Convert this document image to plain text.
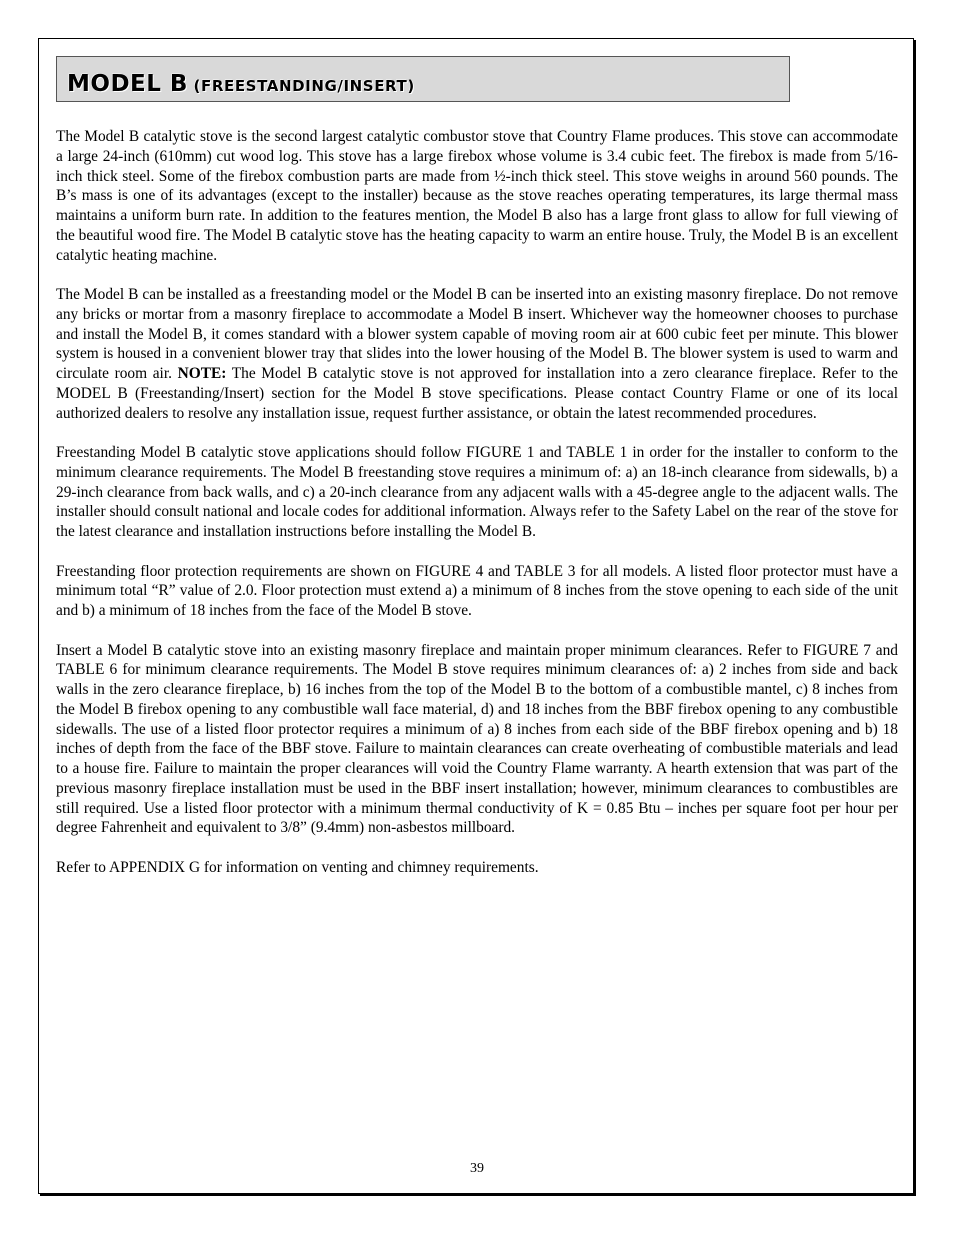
MODEL B (FREESTANDING/INSERT)

The Model B catalytic stove is the second largest catalytic combustor stove that Country Flame produces. This stove can accommodate a large 24-inch (610mm) cut wood log. This stove has a large firebox whose volume is 3.4 cubic feet. The firebox is made from 5/16-inch thick steel. Some of the firebox combustion parts are made from ½-inch thick steel. This stove weighs in around 560 pounds. The B’s mass is one of its advantages (except to the installer) because as the stove reaches operating temperatures, its large thermal mass maintains a uniform burn rate. In addition to the features mention, the Model B also has a large front glass to allow for full viewing of the beautiful wood fire. The Model B catalytic stove has the heating capacity to warm an entire house. Truly, the Model B is an excellent catalytic heating machine.

The Model B can be installed as a freestanding model or the Model B can be inserted into an existing masonry fireplace. Do not remove any bricks or mortar from a masonry fireplace to accommodate a Model B insert. Whichever way the homeowner chooses to purchase and install the Model B, it comes standard with a blower system capable of moving room air at 600 cubic feet per minute. This blower system is housed in a convenient blower tray that slides into the lower housing of the Model B. The blower system is used to warm and circulate room air. NOTE: The Model B catalytic stove is not approved for installation into a zero clearance fireplace. Refer to the MODEL B (Freestanding/Insert) section for the Model B stove specifications. Please contact Country Flame or one of its local authorized dealers to resolve any installation issue, request further assistance, or obtain the latest recommended procedures.

Freestanding Model B catalytic stove applications should follow FIGURE 1 and TABLE 1 in order for the installer to conform to the minimum clearance requirements. The Model B freestanding stove requires a minimum of: a) an 18-inch clearance from sidewalls, b) a 29-inch clearance from back walls, and c) a 20-inch clearance from any adjacent walls with a 45-degree angle to the adjacent walls. The installer should consult national and locale codes for additional information. Always refer to the Safety Label on the rear of the stove for the latest clearance and installation instructions before installing the Model B.

Freestanding floor protection requirements are shown on FIGURE 4 and TABLE 3 for all models. A listed floor protector must have a minimum total “R” value of 2.0. Floor protection must extend a) a minimum of 8 inches from the stove opening to each side of the unit and b) a minimum of 18 inches from the face of the Model B stove.

Insert a Model B catalytic stove into an existing masonry fireplace and maintain proper minimum clearances. Refer to FIGURE 7 and TABLE 6 for minimum clearance requirements. The Model B stove requires minimum clearances of: a) 2 inches from side and back walls in the zero clearance fireplace, b) 16 inches from the top of the Model B to the bottom of a combustible mantel, c) 8 inches from the Model B firebox opening to any combustible wall face material, d) and 18 inches from the BBF firebox opening to any combustible sidewalls. The use of a listed floor protector requires a minimum of a) 8 inches from each side of the BBF firebox opening and b) 18 inches of depth from the face of the BBF stove. Failure to maintain clearances can create overheating of combustible materials and lead to a house fire. Failure to maintain the proper clearances will void the Country Flame warranty. A hearth extension that was part of the previous masonry fireplace installation must be used in the BBF insert installation; however, minimum clearances to combustibles are still required. Use a listed floor protector with a minimum thermal conductivity of K = 0.85 Btu – inches per square foot per hour per degree Fahrenheit and equivalent to 3/8” (9.4mm) non-asbestos millboard.

Refer to APPENDIX G for information on venting and chimney requirements.

39
